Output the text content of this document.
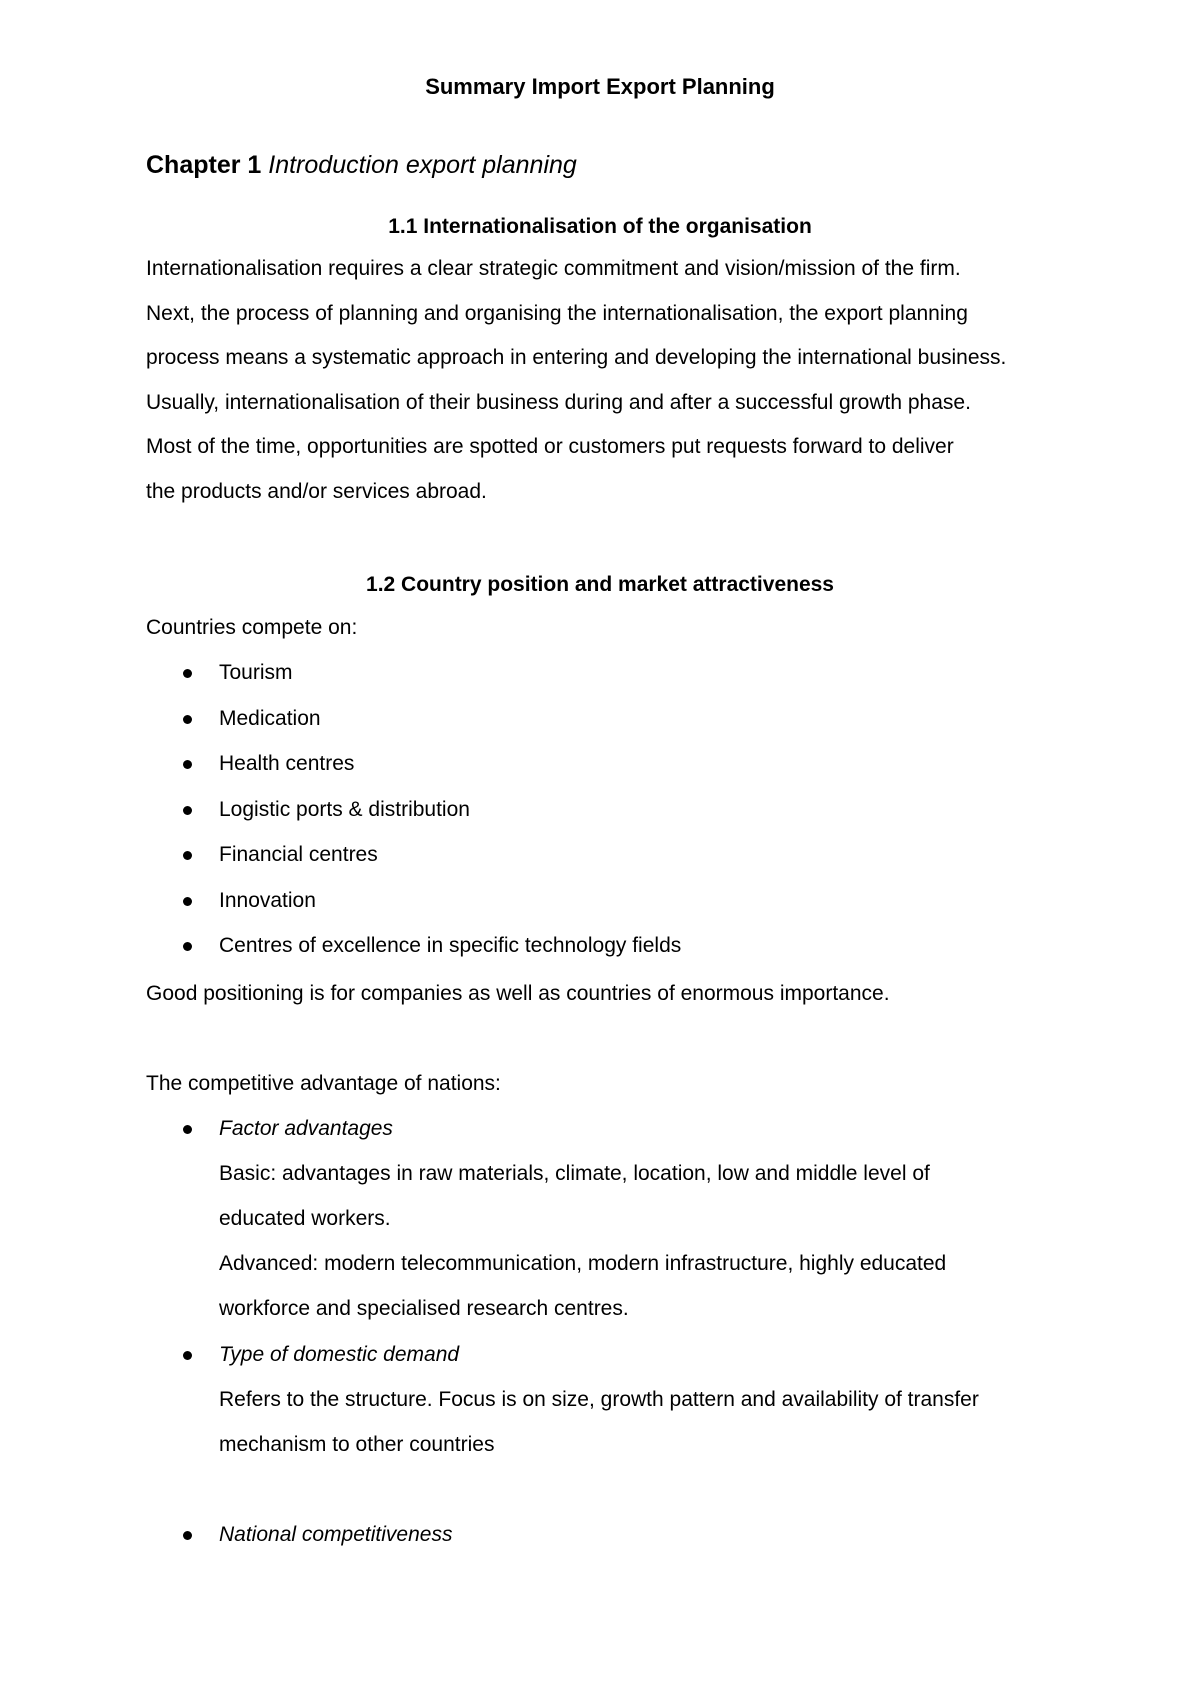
Summary Import Export Planning
Chapter 1 Introduction export planning
1.1 Internationalisation of the organisation
Internationalisation requires a clear strategic commitment and vision/mission of the firm.
Next, the process of planning and organising the internationalisation, the export planning
process means a systematic approach in entering and developing the international business.
Usually, internationalisation of their business during and after a successful growth phase.
Most of the time, opportunities are spotted or customers put requests forward to deliver
the products and/or services abroad.
1.2 Country position and market attractiveness
Countries compete on:
Tourism
Medication
Health centres
Logistic ports & distribution
Financial centres
Innovation
Centres of excellence in specific technology fields
Good positioning is for companies as well as countries of enormous importance.
The competitive advantage of nations:
Factor advantages
Basic: advantages in raw materials, climate, location, low and middle level of
educated workers.
Advanced: modern telecommunication, modern infrastructure, highly educated
workforce and specialised research centres.
Type of domestic demand
Refers to the structure. Focus is on size, growth pattern and availability of transfer
mechanism to other countries
National competitiveness
